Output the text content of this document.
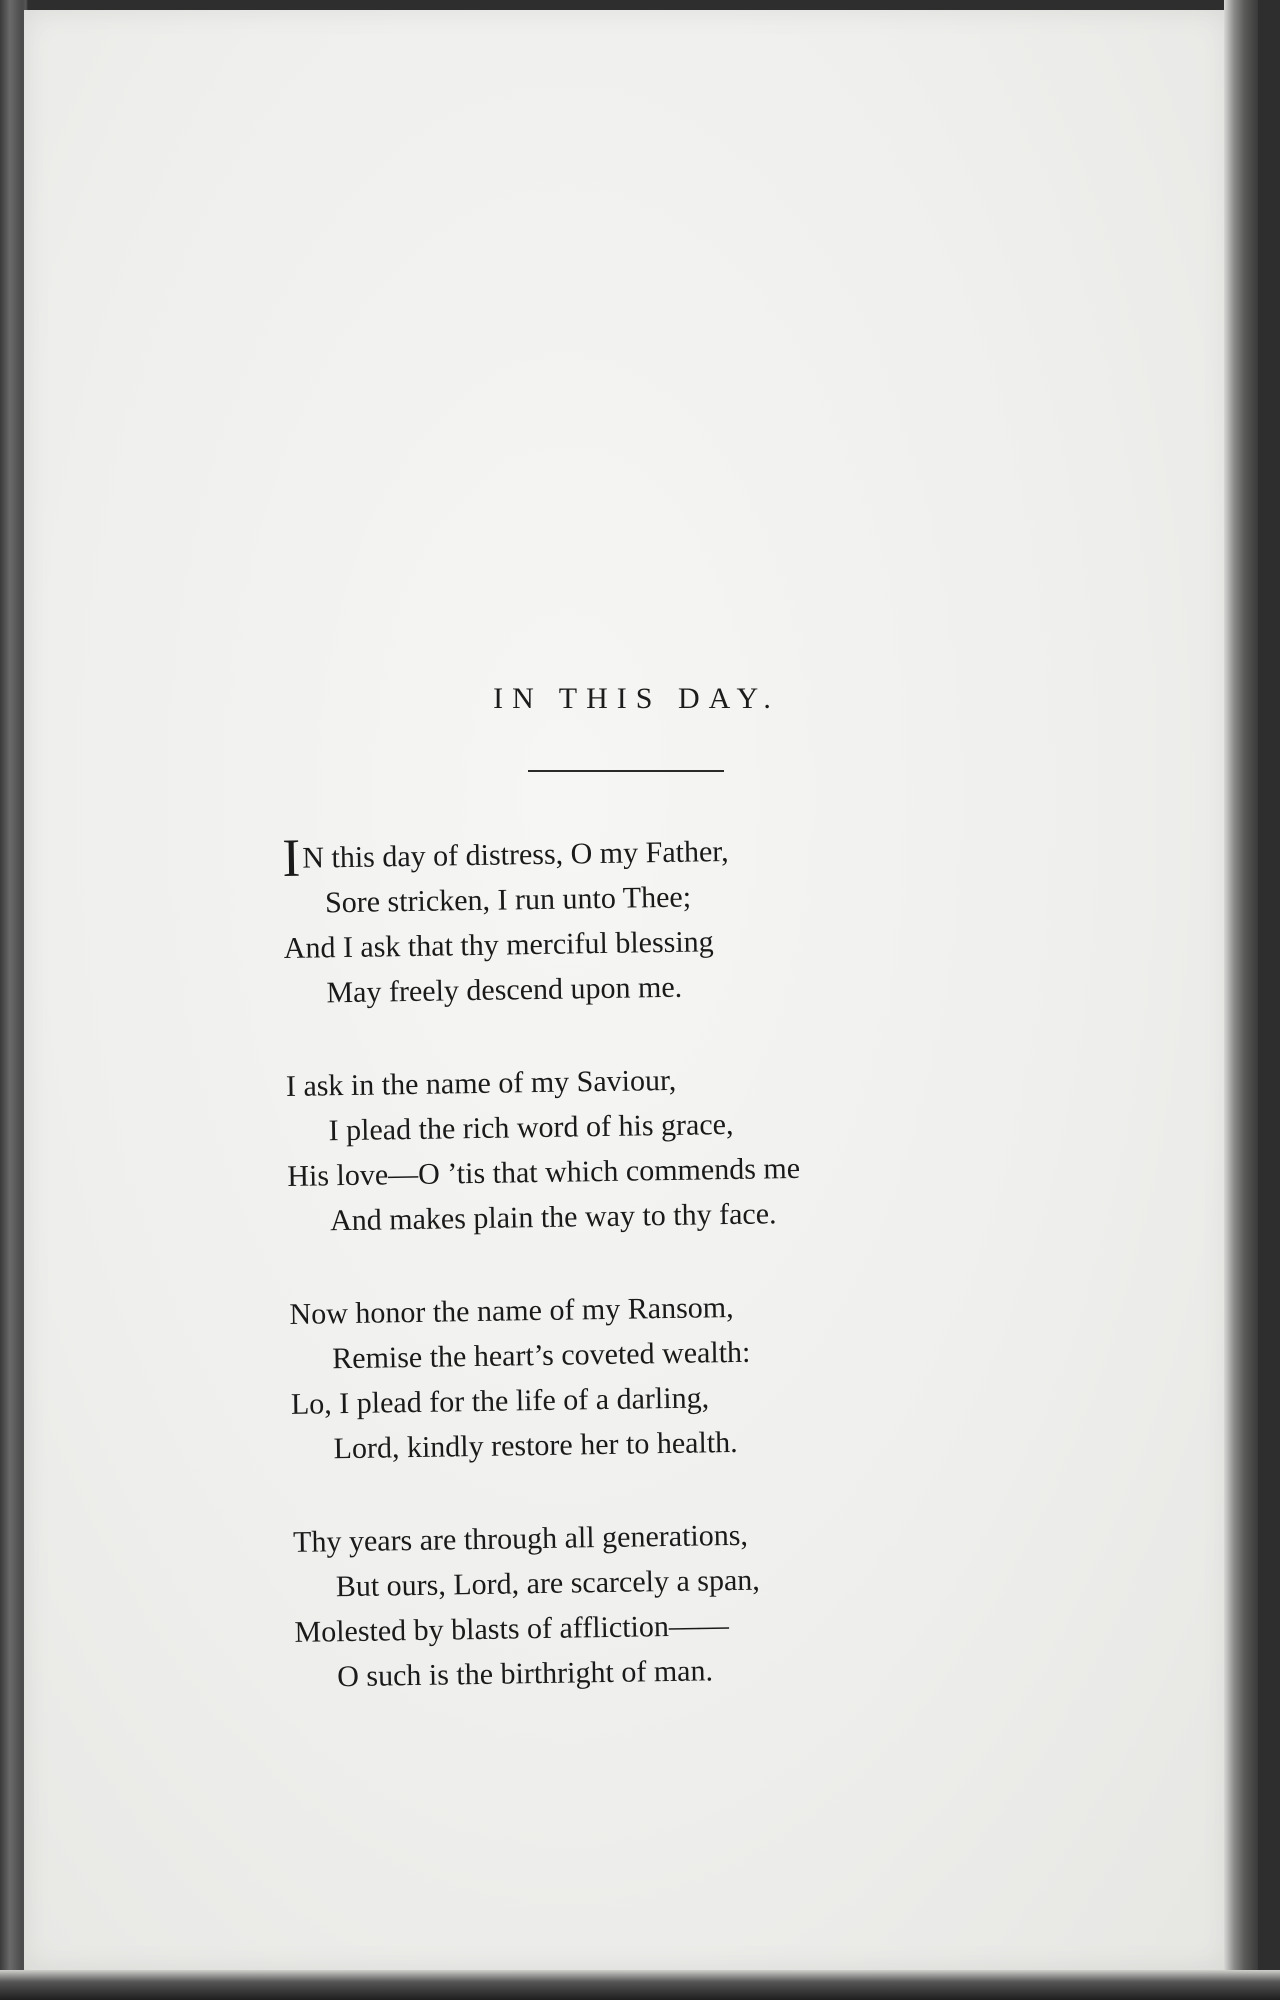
IN THIS DAY.
IN this day of distress, O my Father,
Sore stricken, I run unto Thee;
And I ask that thy merciful blessing
May freely descend upon me.
I ask in the name of my Saviour,
I plead the rich word of his grace,
His love—O ’tis that which commends me
And makes plain the way to thy face.
Now honor the name of my Ransom,
Remise the heart’s coveted wealth:
Lo, I plead for the life of a darling,
Lord, kindly restore her to health.
Thy years are through all generations,
But ours, Lord, are scarcely a span,
Molested by blasts of affliction——
O such is the birthright of man.
